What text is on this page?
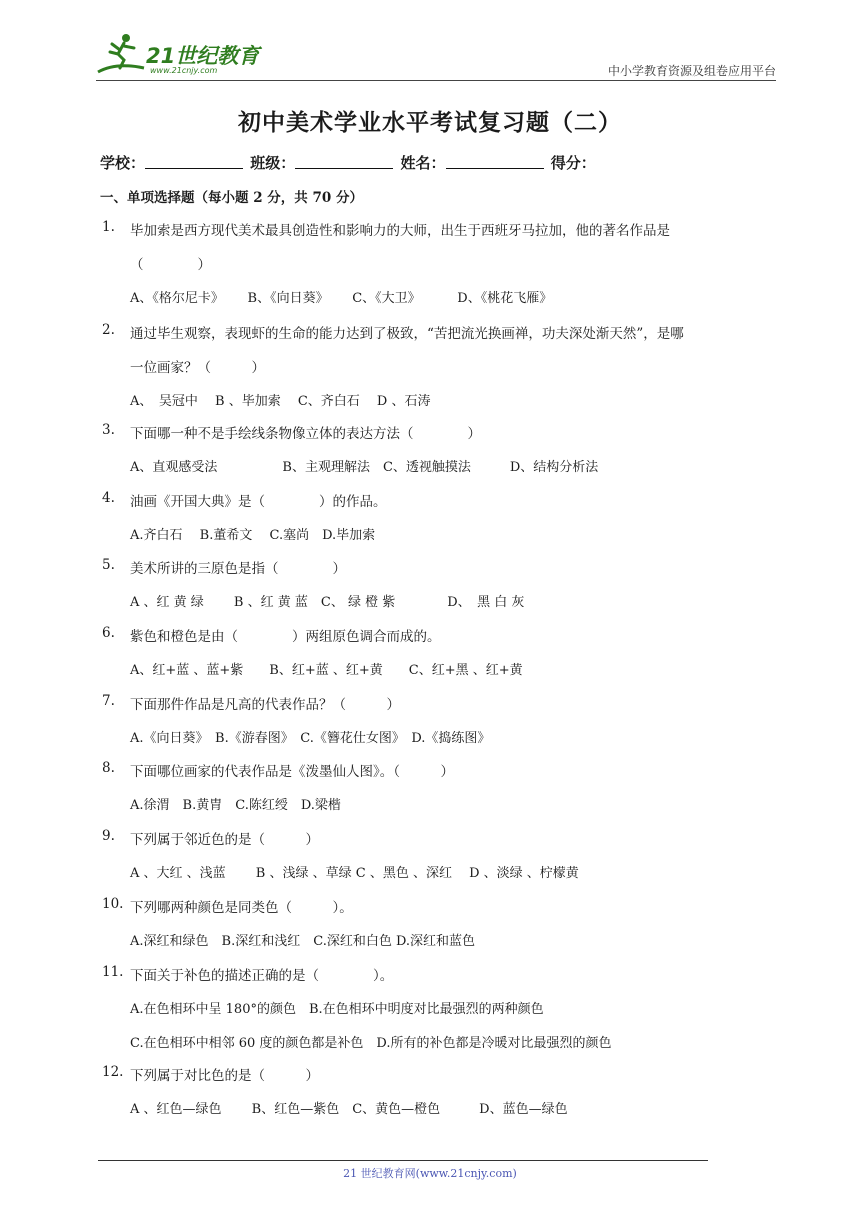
21世纪教育
www.21cnjy.com	中小学教育资源及组卷应用平台
初中美术学业水平考试复习题（二）
学校：	班级：	姓名：	得分：
一、单项选择题（每小题 2 分，共 70 分）
1. 毕加索是西方现代美术最具创造性和影响力的大师，出生于西班牙马拉加，他的著名作品是
（　　　　）
A、《格尔尼卡》　　 B、《向日葵》　　 C、《大卫》　　　 D、《桃花飞雁》
2. 通过毕生观察，表现虾的生命的能力达到了极致，“苦把流光换画禅，功夫深处渐天然”，是哪
一位画家？（　　　）
A、　吴冠中　 B 、毕加索　 C、齐白石　 D 、石涛
3. 下面哪一种不是手绘线条物像立体的表达方法（　　　　）
A、直观感受法　　　　　B、主观理解法　C、透视触摸法　　　D、结构分析法
4. 油画《开国大典》是（　　　　）的作品。
A.齐白石　 B.董希文　 C.塞尚　D.毕加索
5. 美术所讲的三原色是指（　　　　）
A 、红 黄 绿　　 B 、红 黄 蓝　C、 绿 橙 紫　　　　D、　黑 白 灰
6. 紫色和橙色是由（　　　　）两组原色调合而成的。
A、红+蓝 、蓝+紫　　B、红+蓝 、红+黄　　C、红+黑 、红+黄
7. 下面那件作品是凡高的代表作品？（　　　）
A.《向日葵》　B.《游春图》　C.《簪花仕女图》　D.《捣练图》
8. 下面哪位画家的代表作品是《泼墨仙人图》。（　　　）
A.徐渭　B.黄胄　C.陈红绶　D.梁楷
9. 下列属于邻近色的是（　　　）
A 、大红 、浅蓝　　 B 、浅绿 、草绿 C 、黑色 、深红　 D 、淡绿 、柠檬黄
10. 下列哪两种颜色是同类色（　　　）。
A.深红和绿色　B.深红和浅红　C.深红和白色 D.深红和蓝色
11. 下面关于补色的描述正确的是（　　　　）。
A.在色相环中呈 180°的颜色　B.在色相环中明度对比最强烈的两种颜色
C.在色相环中相邻 60 度的颜色都是补色　D.所有的补色都是冷暖对比最强烈的颜色
12. 下列属于对比色的是（　　　）
A 、红色—绿色　　 B、红色—紫色　C、黄色—橙色　　　D、蓝色—绿色
21 世纪教育网(www.21cnjy.com)
